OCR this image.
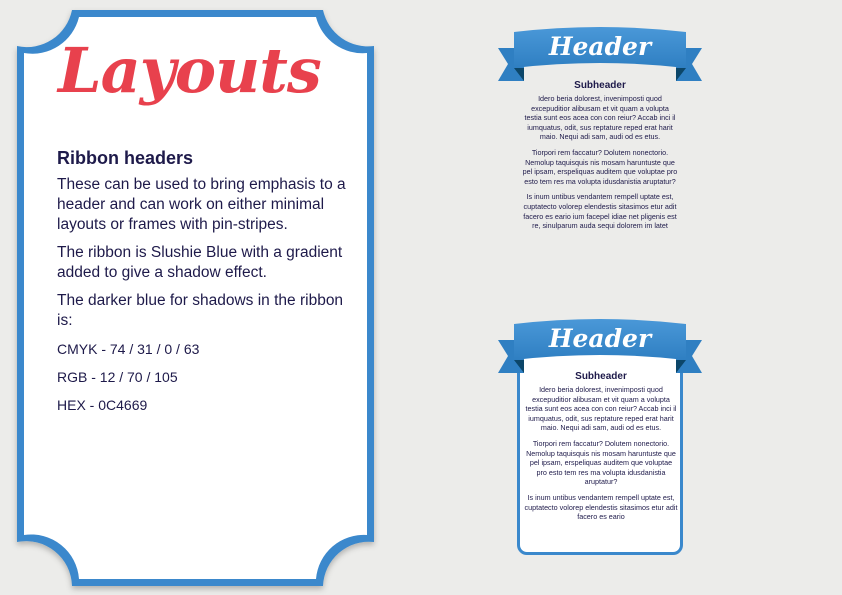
Layouts
Ribbon headers

These can be used to bring emphasis to a header and can work on either minimal layouts or frames with pin-stripes.

The ribbon is Slushie Blue with a gradient added to give a shadow effect.

The darker blue for shadows in the ribbon is:

CMYK - 74 / 31 / 0 / 63
RGB - 12 / 70 / 105
HEX - 0C4669
Header
Subheader

Idero beria dolorest, invenimposti quod excepuditior alibusam et vit quam a volupta testia sunt eos acea con con reiur? Accab inci il iumquatus, odit, sus reptature reped erat harit maio. Nequi adi sam, audi od es etus.

Tiorpori rem faccatur? Dolutem nonectorio. Nemolup taquisquis nis mosam haruntuste que pel ipsam, erspeliquas auditem que voluptae pro esto tem res ma volupta idusdanistia aruptatur?

Is inum untibus vendantem rempell uptate est, cuptatecto volorep elendestis sitasimos etur adit facero es eario ium facepel idiae net pligenis est re, sinulparum auda sequi dolorem im latet

Header
Subheader

Idero beria dolorest, invenimposti quod excepuditior alibusam et vit quam a volupta testia sunt eos acea con con reiur? Accab inci il iumquatus, odit, sus reptature reped erat harit maio. Nequi adi sam, audi od es etus.

Tiorpori rem faccatur? Dolutem nonectorio. Nemolup taquisquis nis mosam haruntuste que pel ipsam, erspeliquas auditem que voluptae pro esto tem res ma volupta idusdanistia aruptatur?

Is inum untibus vendantem rempell uptate est, cuptatecto volorep elendestis sitasimos etur adit facero es eario
